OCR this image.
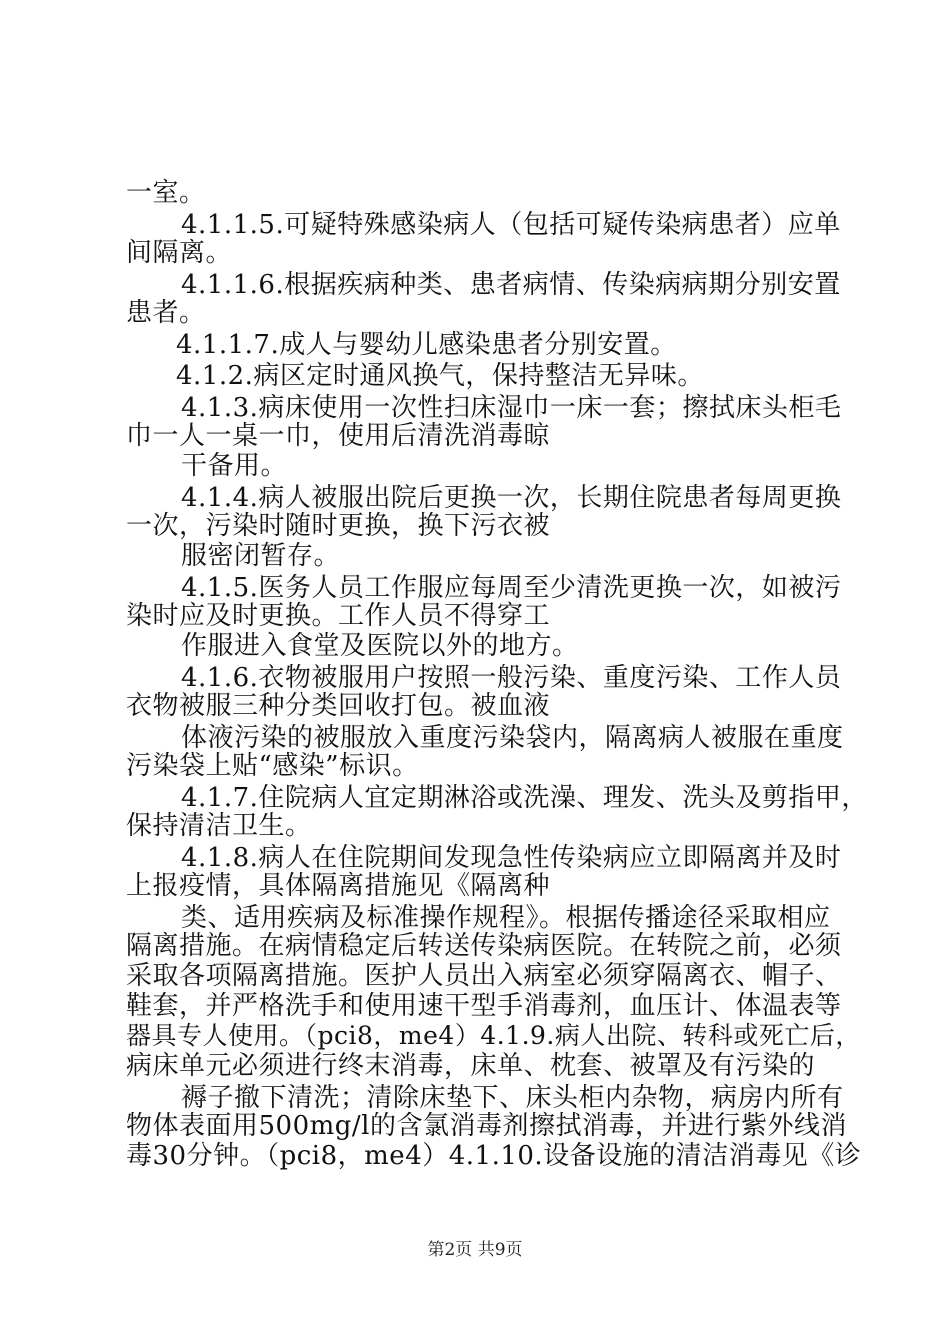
一室。
4.1.1.5.可疑特殊感染病人（包括可疑传染病患者）应单
间隔离。
4.1.1.6.根据疾病种类、患者病情、传染病病期分别安置
患者。
4.1.1.7.成人与婴幼儿感染患者分别安置。
4.1.2.病区定时通风换气，保持整洁无异味。
4.1.3.病床使用一次性扫床湿巾一床一套；擦拭床头柜毛
巾一人一桌一巾，使用后清洗消毒晾
干备用。
4.1.4.病人被服出院后更换一次，长期住院患者每周更换
一次，污染时随时更换，换下污衣被
服密闭暂存。
4.1.5.医务人员工作服应每周至少清洗更换一次，如被污
染时应及时更换。工作人员不得穿工
作服进入食堂及医院以外的地方。
4.1.6.衣物被服用户按照一般污染、重度污染、工作人员
衣物被服三种分类回收打包。被血液
体液污染的被服放入重度污染袋内，隔离病人被服在重度
污染袋上贴“感染”标识。
4.1.7.住院病人宜定期淋浴或洗澡、理发、洗头及剪指甲，
保持清洁卫生。
4.1.8.病人在住院期间发现急性传染病应立即隔离并及时
上报疫情，具体隔离措施见《隔离种
类、适用疾病及标准操作规程》。根据传播途径采取相应
隔离措施。在病情稳定后转送传染病医院。在转院之前，必须
采取各项隔离措施。医护人员出入病室必须穿隔离衣、帽子、
鞋套，并严格洗手和使用速干型手消毒剂，血压计、体温表等
器具专人使用。（pci8，me4）4.1.9.病人出院、转科或死亡后，
病床单元必须进行终末消毒，床单、枕套、被罩及有污染的
褥子撤下清洗；清除床垫下、床头柜内杂物，病房内所有
物体表面用500mg/l的含氯消毒剂擦拭消毒，并进行紫外线消
毒30分钟。（pci8，me4）4.1.10.设备设施的清洁消毒见《诊
第2页 共9页
